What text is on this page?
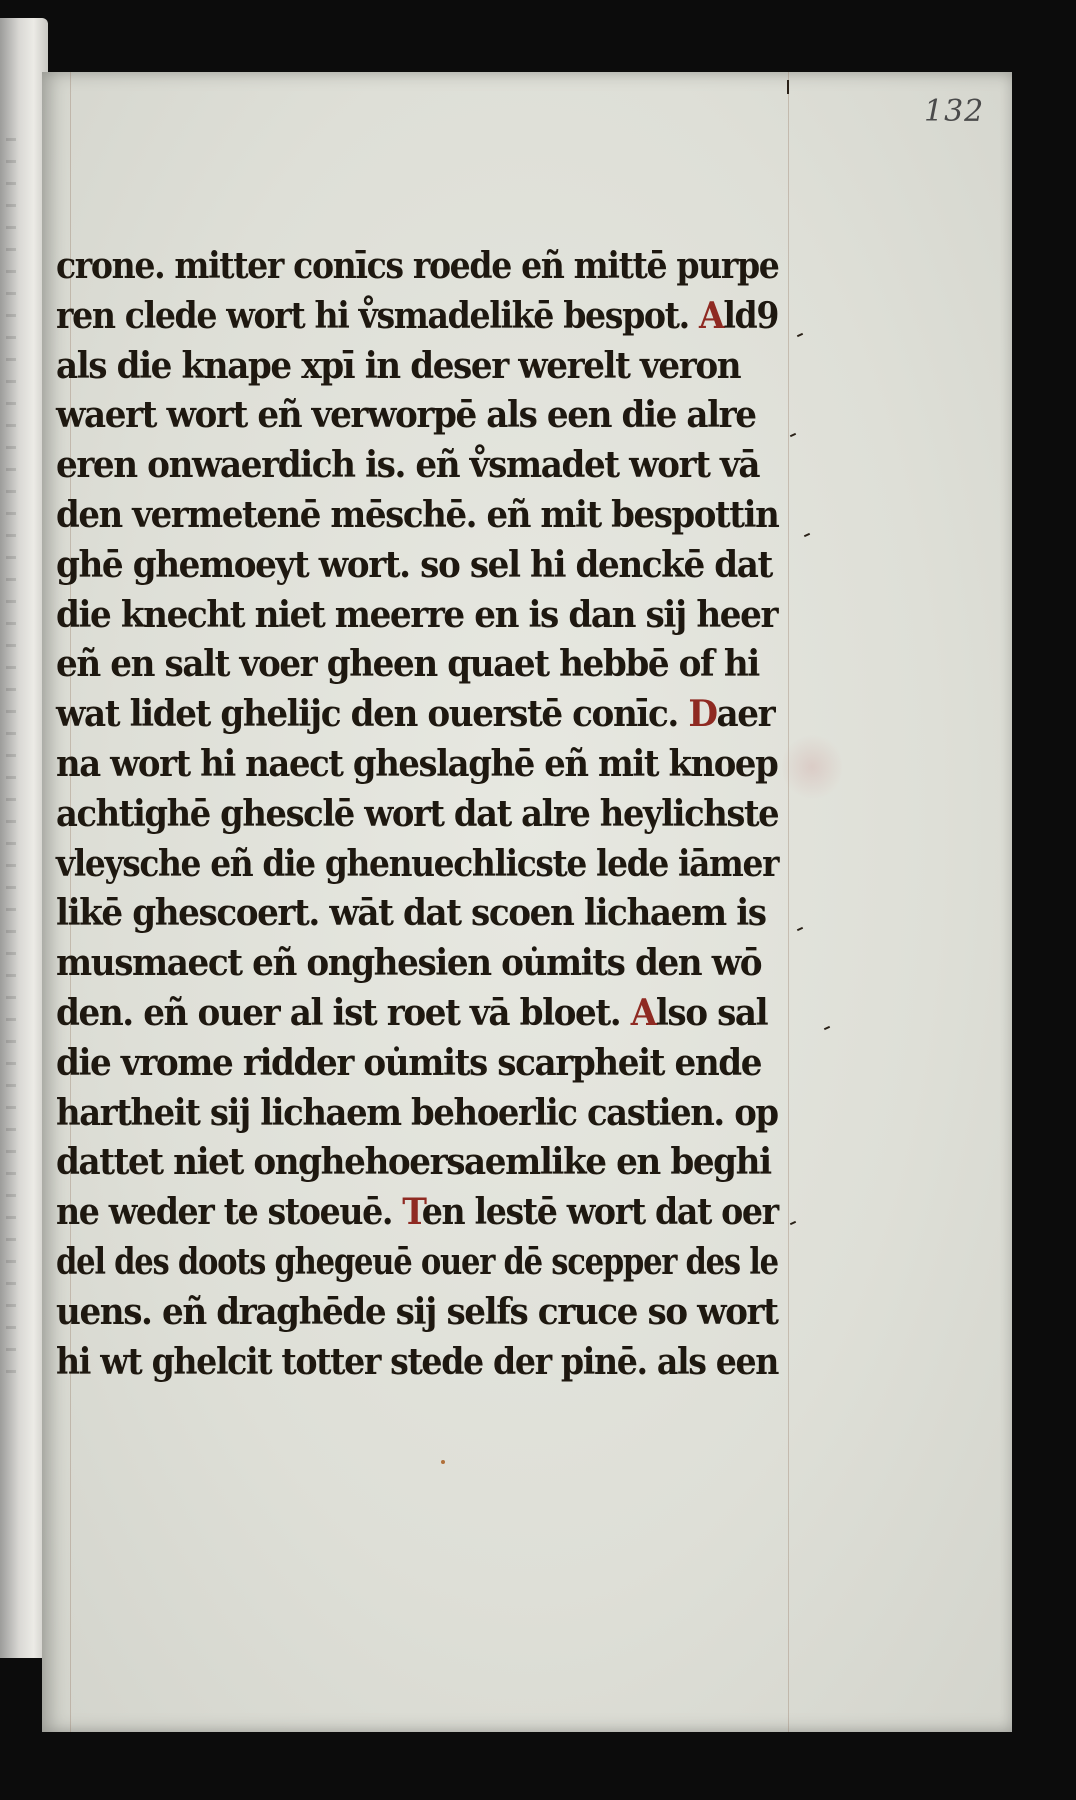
132
crone. mitter conīcs roede eñ mittē purpe
ren clede wort hi v̊smadelikē bespot. Ald9
als die knape xpī in deser werelt veron
waert wort eñ verworpē als een die alre
eren onwaerdich is. eñ v̊smadet wort vā
den vermetenē mēschē. eñ mit bespottin
ghē ghemoeyt wort. so sel hi denckē dat
die knecht niet meerre en is dan sij heer
eñ en salt voer gheen quaet hebbē of hi
wat lidet ghelijc den ouerstē conīc. Daer
na wort hi naect gheslaghē eñ mit knoep
achtighē ghesclē wort dat alre heylichste
vleysche eñ die ghenuechlicste lede iāmer
likē ghescoert. wāt dat scoen lichaem is
musmaect eñ onghesien ou̇mits den wō
den. eñ ouer al ist roet vā bloet. Also sal
die vrome ridder ou̇mits scarpheit ende
hartheit sij lichaem behoerlic castien. op
dattet niet onghehoersaemlike en beghi
ne weder te stoeuē. Ten lestē wort dat oer
del des doots ghegeuē ouer dē scepper des le
uens. eñ draghēde sij selfs cruce so wort
hi wt ghelcit totter stede der pinē. als een
